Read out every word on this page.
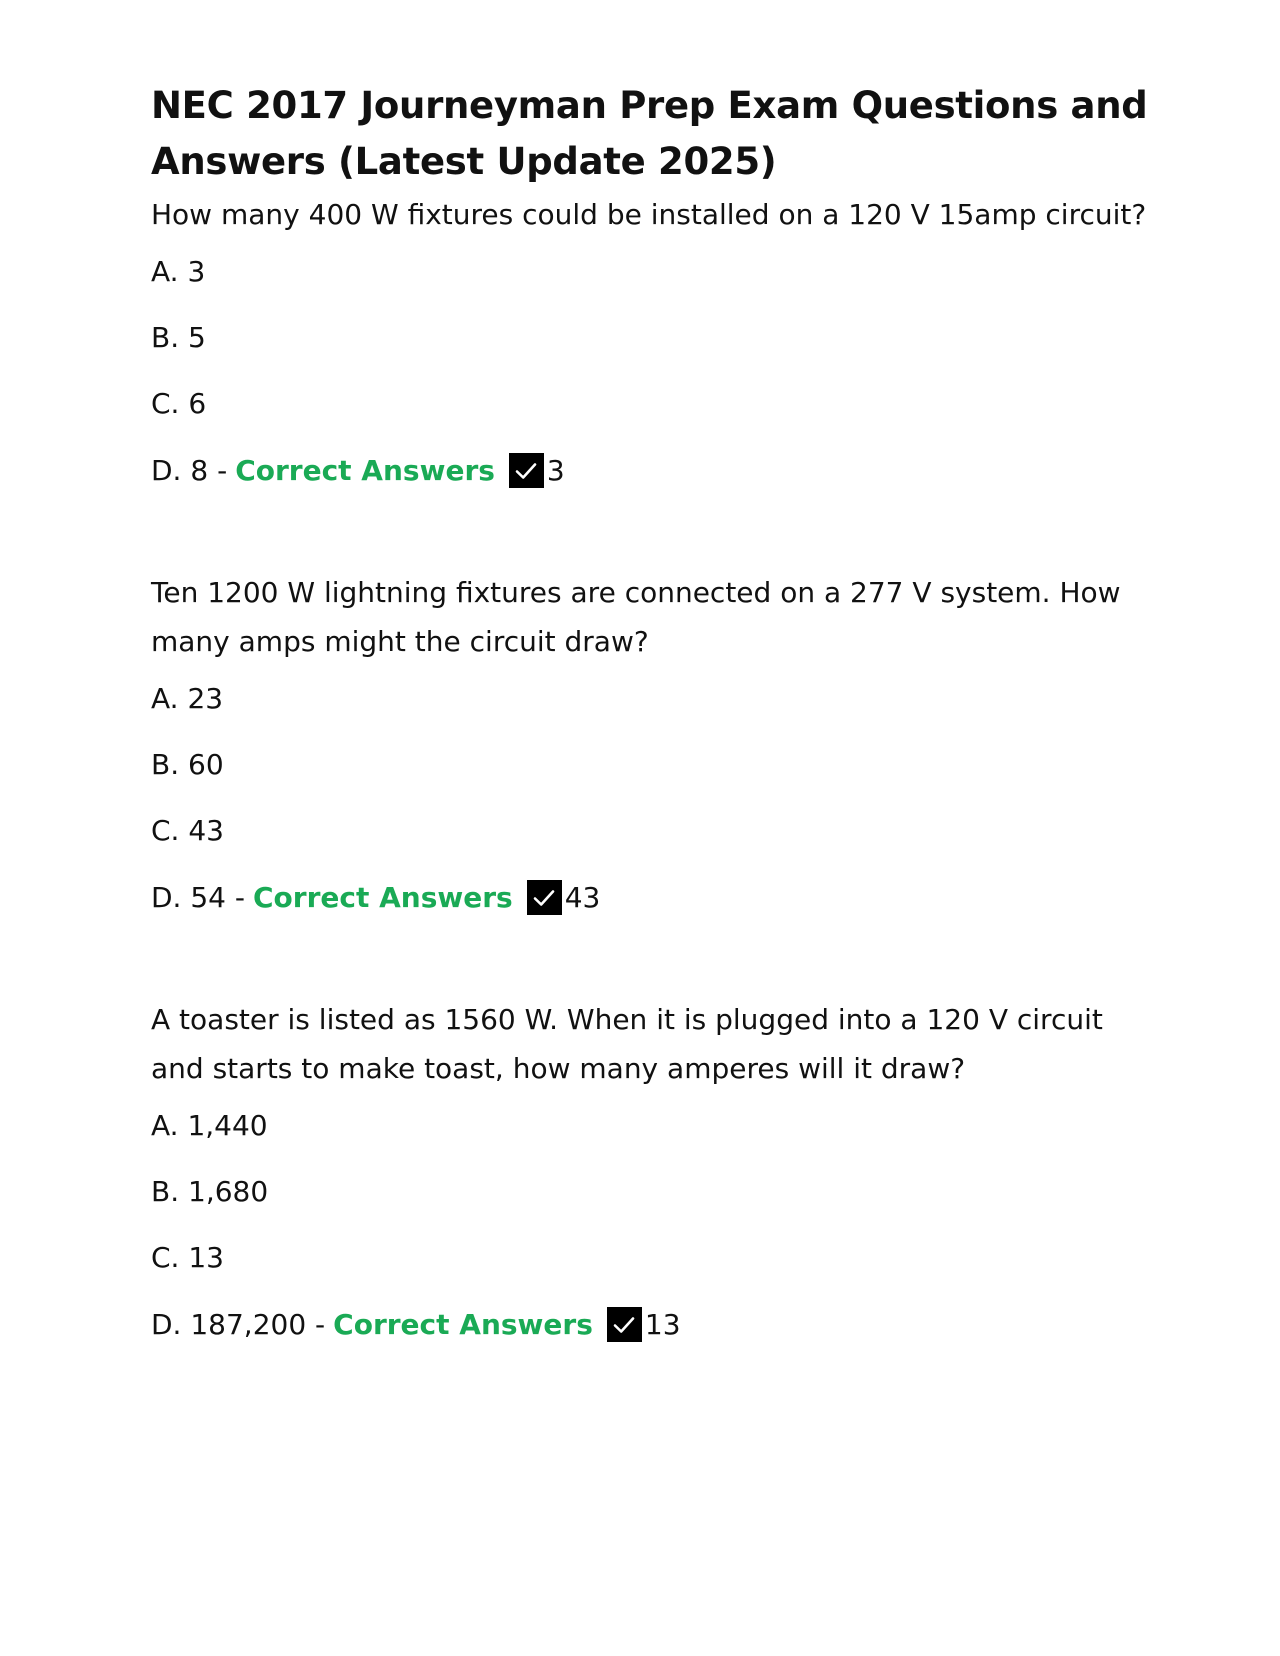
NEC 2017 Journeyman Prep Exam Questions and Answers (Latest Update 2025)

How many 400 W fixtures could be installed on a 120 V 15amp circuit?

A. 3
B. 5
C. 6
D. 8 - Correct Answers 3

Ten 1200 W lightning fixtures are connected on a 277 V system. How many amps might the circuit draw?

A. 23
B. 60
C. 43
D. 54 - Correct Answers 43

A toaster is listed as 1560 W. When it is plugged into a 120 V circuit and starts to make toast, how many amperes will it draw?

A. 1,440
B. 1,680
C. 13
D. 187,200 - Correct Answers 13
